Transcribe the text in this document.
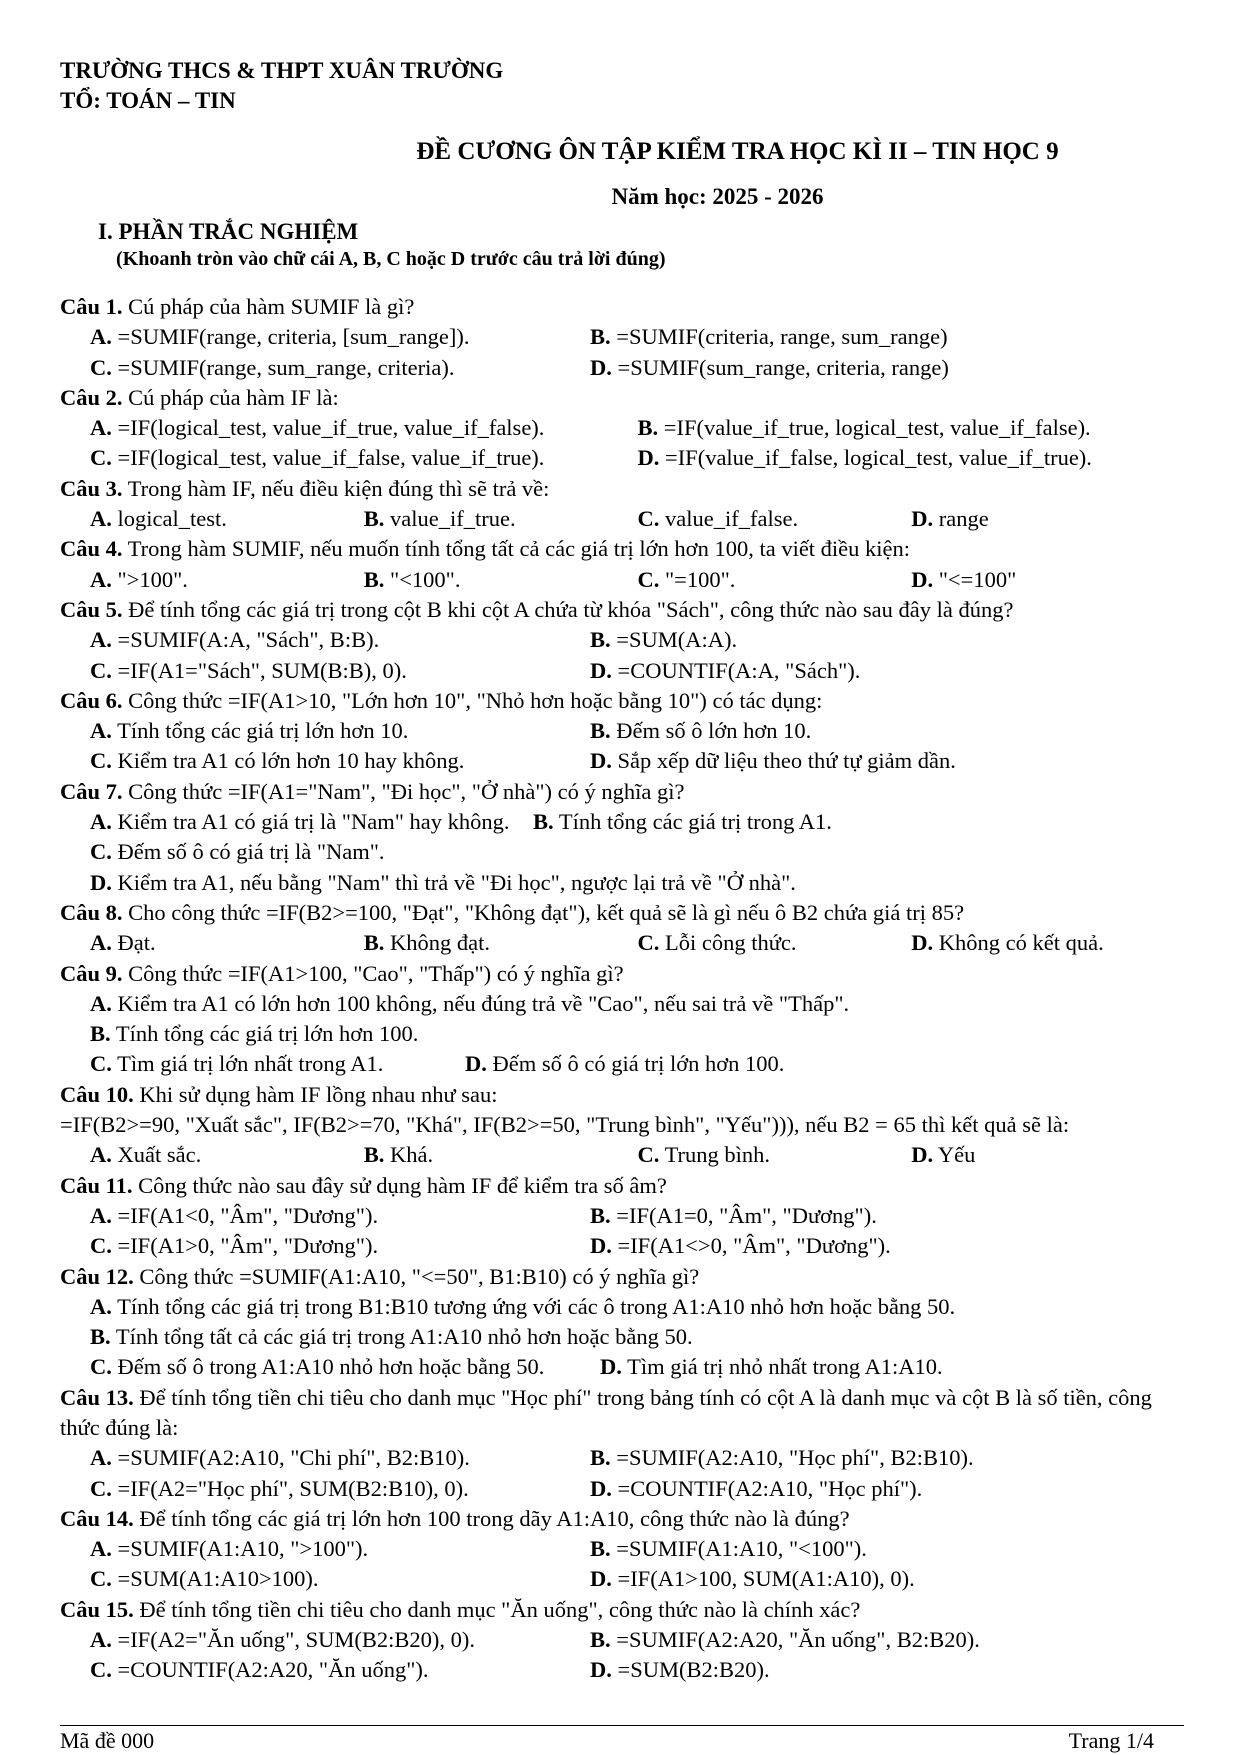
TRƯỜNG THCS & THPT XUÂN TRƯỜNG
TỔ: TOÁN – TIN
ĐỀ CƯƠNG ÔN TẬP KIỂM TRA HỌC KÌ II – TIN HỌC 9
Năm học: 2025 - 2026
I. PHẦN TRẮC NGHIỆM
(Khoanh tròn vào chữ cái A, B, C hoặc D trước câu trả lời đúng)
Câu 1. Cú pháp của hàm SUMIF là gì?
A. =SUMIF(range, criteria, [sum_range]).	B. =SUMIF(criteria, range, sum_range)
C. =SUMIF(range, sum_range, criteria).	D. =SUMIF(sum_range, criteria, range)
Câu 2. Cú pháp của hàm IF là:
A. =IF(logical_test, value_if_true, value_if_false).	B. =IF(value_if_true, logical_test, value_if_false).
C. =IF(logical_test, value_if_false, value_if_true).	D. =IF(value_if_false, logical_test, value_if_true).
Câu 3. Trong hàm IF, nếu điều kiện đúng thì sẽ trả về:
A. logical_test.	B. value_if_true.	C. value_if_false.	D. range
Câu 4. Trong hàm SUMIF, nếu muốn tính tổng tất cả các giá trị lớn hơn 100, ta viết điều kiện:
A. ">100".	B. "<100".	C. "=100".	D. "<=100"
Câu 5. Để tính tổng các giá trị trong cột B khi cột A chứa từ khóa "Sách", công thức nào sau đây là đúng?
A. =SUMIF(A:A, "Sách", B:B).	B. =SUM(A:A).
C. =IF(A1="Sách", SUM(B:B), 0).	D. =COUNTIF(A:A, "Sách").
Câu 6. Công thức =IF(A1>10, "Lớn hơn 10", "Nhỏ hơn hoặc bằng 10") có tác dụng:
A. Tính tổng các giá trị lớn hơn 10.	B. Đếm số ô lớn hơn 10.
C. Kiểm tra A1 có lớn hơn 10 hay không.	D. Sắp xếp dữ liệu theo thứ tự giảm dần.
Câu 7. Công thức =IF(A1="Nam", "Đi học", "Ở nhà") có ý nghĩa gì?
A. Kiểm tra A1 có giá trị là "Nam" hay không.	B. Tính tổng các giá trị trong A1.
C. Đếm số ô có giá trị là "Nam".
D. Kiểm tra A1, nếu bằng "Nam" thì trả về "Đi học", ngược lại trả về "Ở nhà".
Câu 8. Cho công thức =IF(B2>=100, "Đạt", "Không đạt"), kết quả sẽ là gì nếu ô B2 chứa giá trị 85?
A. Đạt.	B. Không đạt.	C. Lỗi công thức.	D. Không có kết quả.
Câu 9. Công thức =IF(A1>100, "Cao", "Thấp") có ý nghĩa gì?
A. Kiểm tra A1 có lớn hơn 100 không, nếu đúng trả về "Cao", nếu sai trả về "Thấp".
B. Tính tổng các giá trị lớn hơn 100.
C. Tìm giá trị lớn nhất trong A1.	D. Đếm số ô có giá trị lớn hơn 100.
Câu 10. Khi sử dụng hàm IF lồng nhau như sau:
=IF(B2>=90, "Xuất sắc", IF(B2>=70, "Khá", IF(B2>=50, "Trung bình", "Yếu"))), nếu B2 = 65 thì kết quả sẽ là:
A. Xuất sắc.	B. Khá.	C. Trung bình.	D. Yếu
Câu 11. Công thức nào sau đây sử dụng hàm IF để kiểm tra số âm?
A. =IF(A1<0, "Âm", "Dương").	B. =IF(A1=0, "Âm", "Dương").
C. =IF(A1>0, "Âm", "Dương").	D. =IF(A1<>0, "Âm", "Dương").
Câu 12. Công thức =SUMIF(A1:A10, "<=50", B1:B10) có ý nghĩa gì?
A. Tính tổng các giá trị trong B1:B10 tương ứng với các ô trong A1:A10 nhỏ hơn hoặc bằng 50.
B. Tính tổng tất cả các giá trị trong A1:A10 nhỏ hơn hoặc bằng 50.
C. Đếm số ô trong A1:A10 nhỏ hơn hoặc bằng 50.	D. Tìm giá trị nhỏ nhất trong A1:A10.
Câu 13. Để tính tổng tiền chi tiêu cho danh mục "Học phí" trong bảng tính có cột A là danh mục và cột B là số tiền, công thức đúng là:
A. =SUMIF(A2:A10, "Chi phí", B2:B10).	B. =SUMIF(A2:A10, "Học phí", B2:B10).
C. =IF(A2="Học phí", SUM(B2:B10), 0).	D. =COUNTIF(A2:A10, "Học phí").
Câu 14. Để tính tổng các giá trị lớn hơn 100 trong dãy A1:A10, công thức nào là đúng?
A. =SUMIF(A1:A10, ">100").	B. =SUMIF(A1:A10, "<100").
C. =SUM(A1:A10>100).	D. =IF(A1>100, SUM(A1:A10), 0).
Câu 15. Để tính tổng tiền chi tiêu cho danh mục "Ăn uống", công thức nào là chính xác?
A. =IF(A2="Ăn uống", SUM(B2:B20), 0).	B. =SUMIF(A2:A20, "Ăn uống", B2:B20).
C. =COUNTIF(A2:A20, "Ăn uống").	D. =SUM(B2:B20).
Mã đề 000	Trang 1/4
